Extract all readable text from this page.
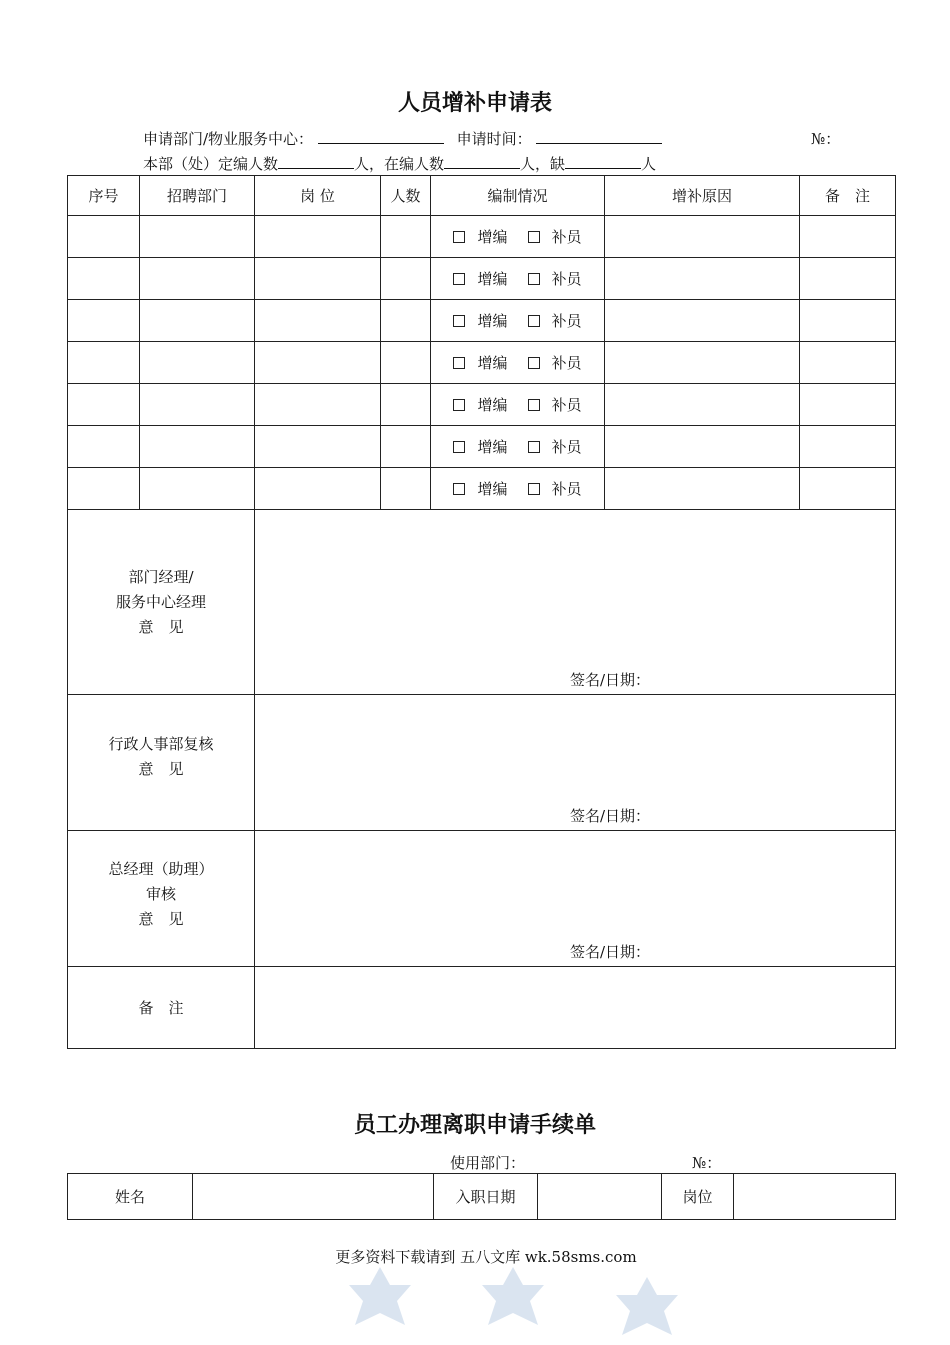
人员增补申请表
申请部门/物业服务中心：	申请时间：	№：
本部（处）定编人数	人，在编人数	人，缺	人
序号	招聘部门	岗 位	人数	编制情况	增补原因	备　注
				增编 补员		
				增编 补员		
				增编 补员		
				增编 补员		
				增编 补员		
				增编 补员		
				增编 补员		

部门经理/
服务中心经理
意　见		签名/日期：				

行政人事部复核
意　见		签名/日期：				

总经理（助理）
审核
意　见		签名/日期：				

备　注						
员工办理离职申请手续单
使用部门：	№：
姓名		入职日期		岗位	
更多资料下载请到 五八文库 wk.58sms.com
